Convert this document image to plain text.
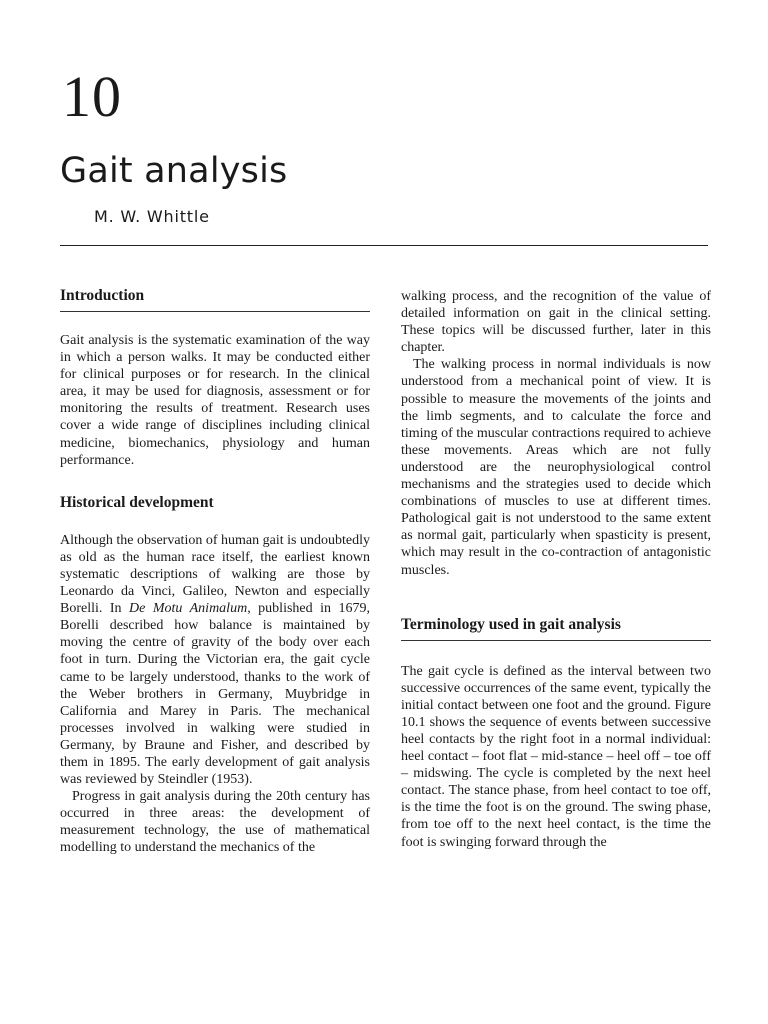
10
Gait analysis
M. W. Whittle
Introduction

Gait analysis is the systematic examination of the way in which a person walks. It may be conducted either for clinical purposes or for research. In the clinical area, it may be used for diagnosis, assessment or for monitoring the results of treatment. Research uses cover a wide range of disciplines including clinical medicine, biomechanics, physiology and human performance.

Historical development

Although the observation of human gait is undoubtedly as old as the human race itself, the earliest known systematic descriptions of walking are those by Leonardo da Vinci, Galileo, Newton and especially Borelli. In De Motu Animalum, published in 1679, Borelli described how balance is maintained by moving the centre of gravity of the body over each foot in turn. During the Victorian era, the gait cycle came to be largely understood, thanks to the work of the Weber brothers in Germany, Muybridge in California and Marey in Paris. The mechanical processes involved in walking were studied in Germany, by Braune and Fisher, and described by them in 1895. The early development of gait analysis was reviewed by Steindler (1953).

Progress in gait analysis during the 20th century has occurred in three areas: the development of measurement technology, the use of mathematical modelling to understand the mechanics of the

walking process, and the recognition of the value of detailed information on gait in the clinical setting. These topics will be discussed further, later in this chapter.

The walking process in normal individuals is now understood from a mechanical point of view. It is possible to measure the movements of the joints and the limb segments, and to calculate the force and timing of the muscular contractions required to achieve these movements. Areas which are not fully understood are the neurophysiological control mechanisms and the strategies used to decide which combinations of muscles to use at different times. Pathological gait is not understood to the same extent as normal gait, particularly when spasticity is present, which may result in the co-contraction of antagonistic muscles.

Terminology used in gait analysis

The gait cycle is defined as the interval between two successive occurrences of the same event, typically the initial contact between one foot and the ground. Figure 10.1 shows the sequence of events between successive heel contacts by the right foot in a normal individual: heel contact – foot flat – mid-stance – heel off – toe off – midswing. The cycle is completed by the next heel contact. The stance phase, from heel contact to toe off, is the time the foot is on the ground. The swing phase, from toe off to the next heel contact, is the time the foot is swinging forward through the
